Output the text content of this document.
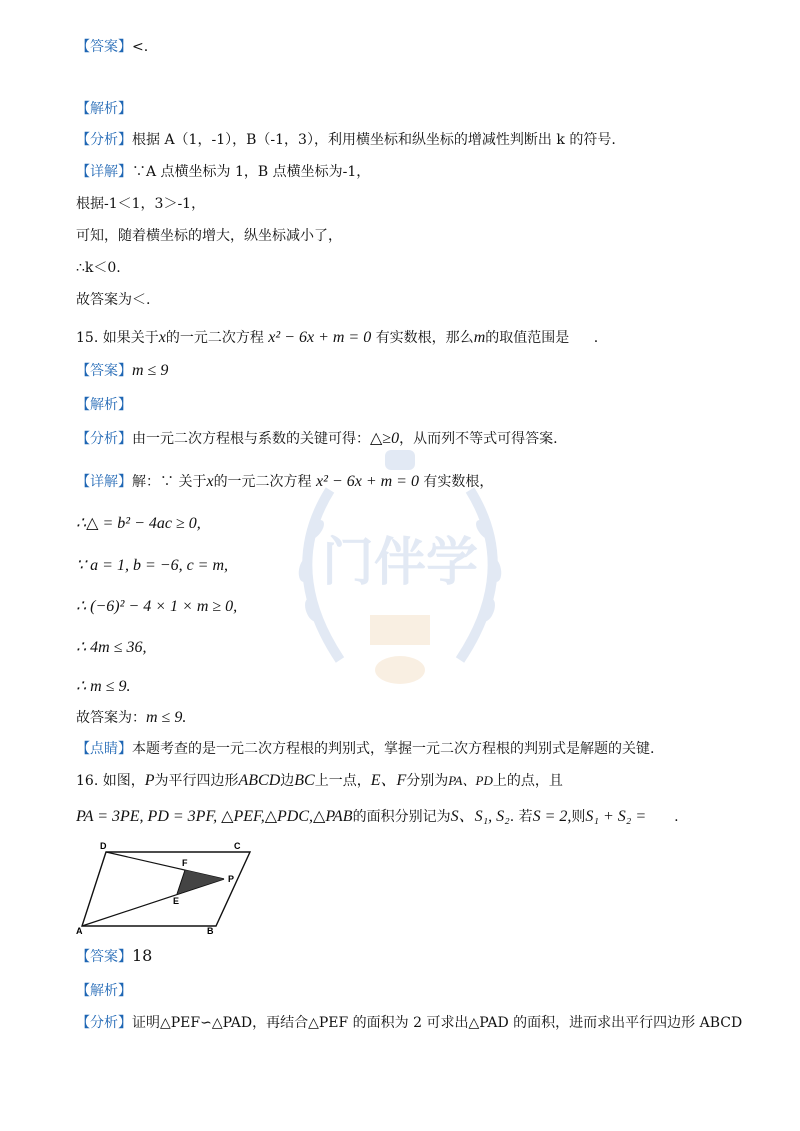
门伴学
【答案】<.
【解析】
【分析】根据 A（1，-1），B（-1，3），利用横坐标和纵坐标的增减性判断出 k 的符号.
【详解】∵A 点横坐标为 1，B 点横坐标为-1，
根据-1＜1，3＞-1，
可知，随着横坐标的增大，纵坐标减小了，
∴k＜0.
故答案为＜.
15. 如果关于x的一元二次方程 x² − 6x + m = 0 有实数根，那么m的取值范围是 .
【答案】m ≤ 9
【解析】
【分析】由一元二次方程根与系数的关键可得：△≥0，从而列不等式可得答案.
【详解】解：∵ 关于x的一元二次方程 x² − 6x + m = 0 有实数根，
∴△ = b² − 4ac ≥ 0,
∵ a = 1, b = −6, c = m,
∴ (−6)² − 4 × 1 × m ≥ 0,
∴ 4m ≤ 36,
∴ m ≤ 9.
故答案为：m ≤ 9.
【点睛】本题考查的是一元二次方程根的判别式，掌握一元二次方程根的判别式是解题的关键.
16. 如图，P为平行四边形ABCD边BC上一点，E、F分别为PA、PD上的点，且
PA = 3PE, PD = 3PF, △PEF,△PDC,△PAB的面积分别记为S、S₁, S₂. 若S = 2,则S₁ + S₂ = .
D	C
F
P
E
A	B
【答案】18
【解析】
【分析】证明△PEF∽△PAD，再结合△PEF 的面积为 2 可求出△PAD 的面积，进而求出平行四边形 ABCD
